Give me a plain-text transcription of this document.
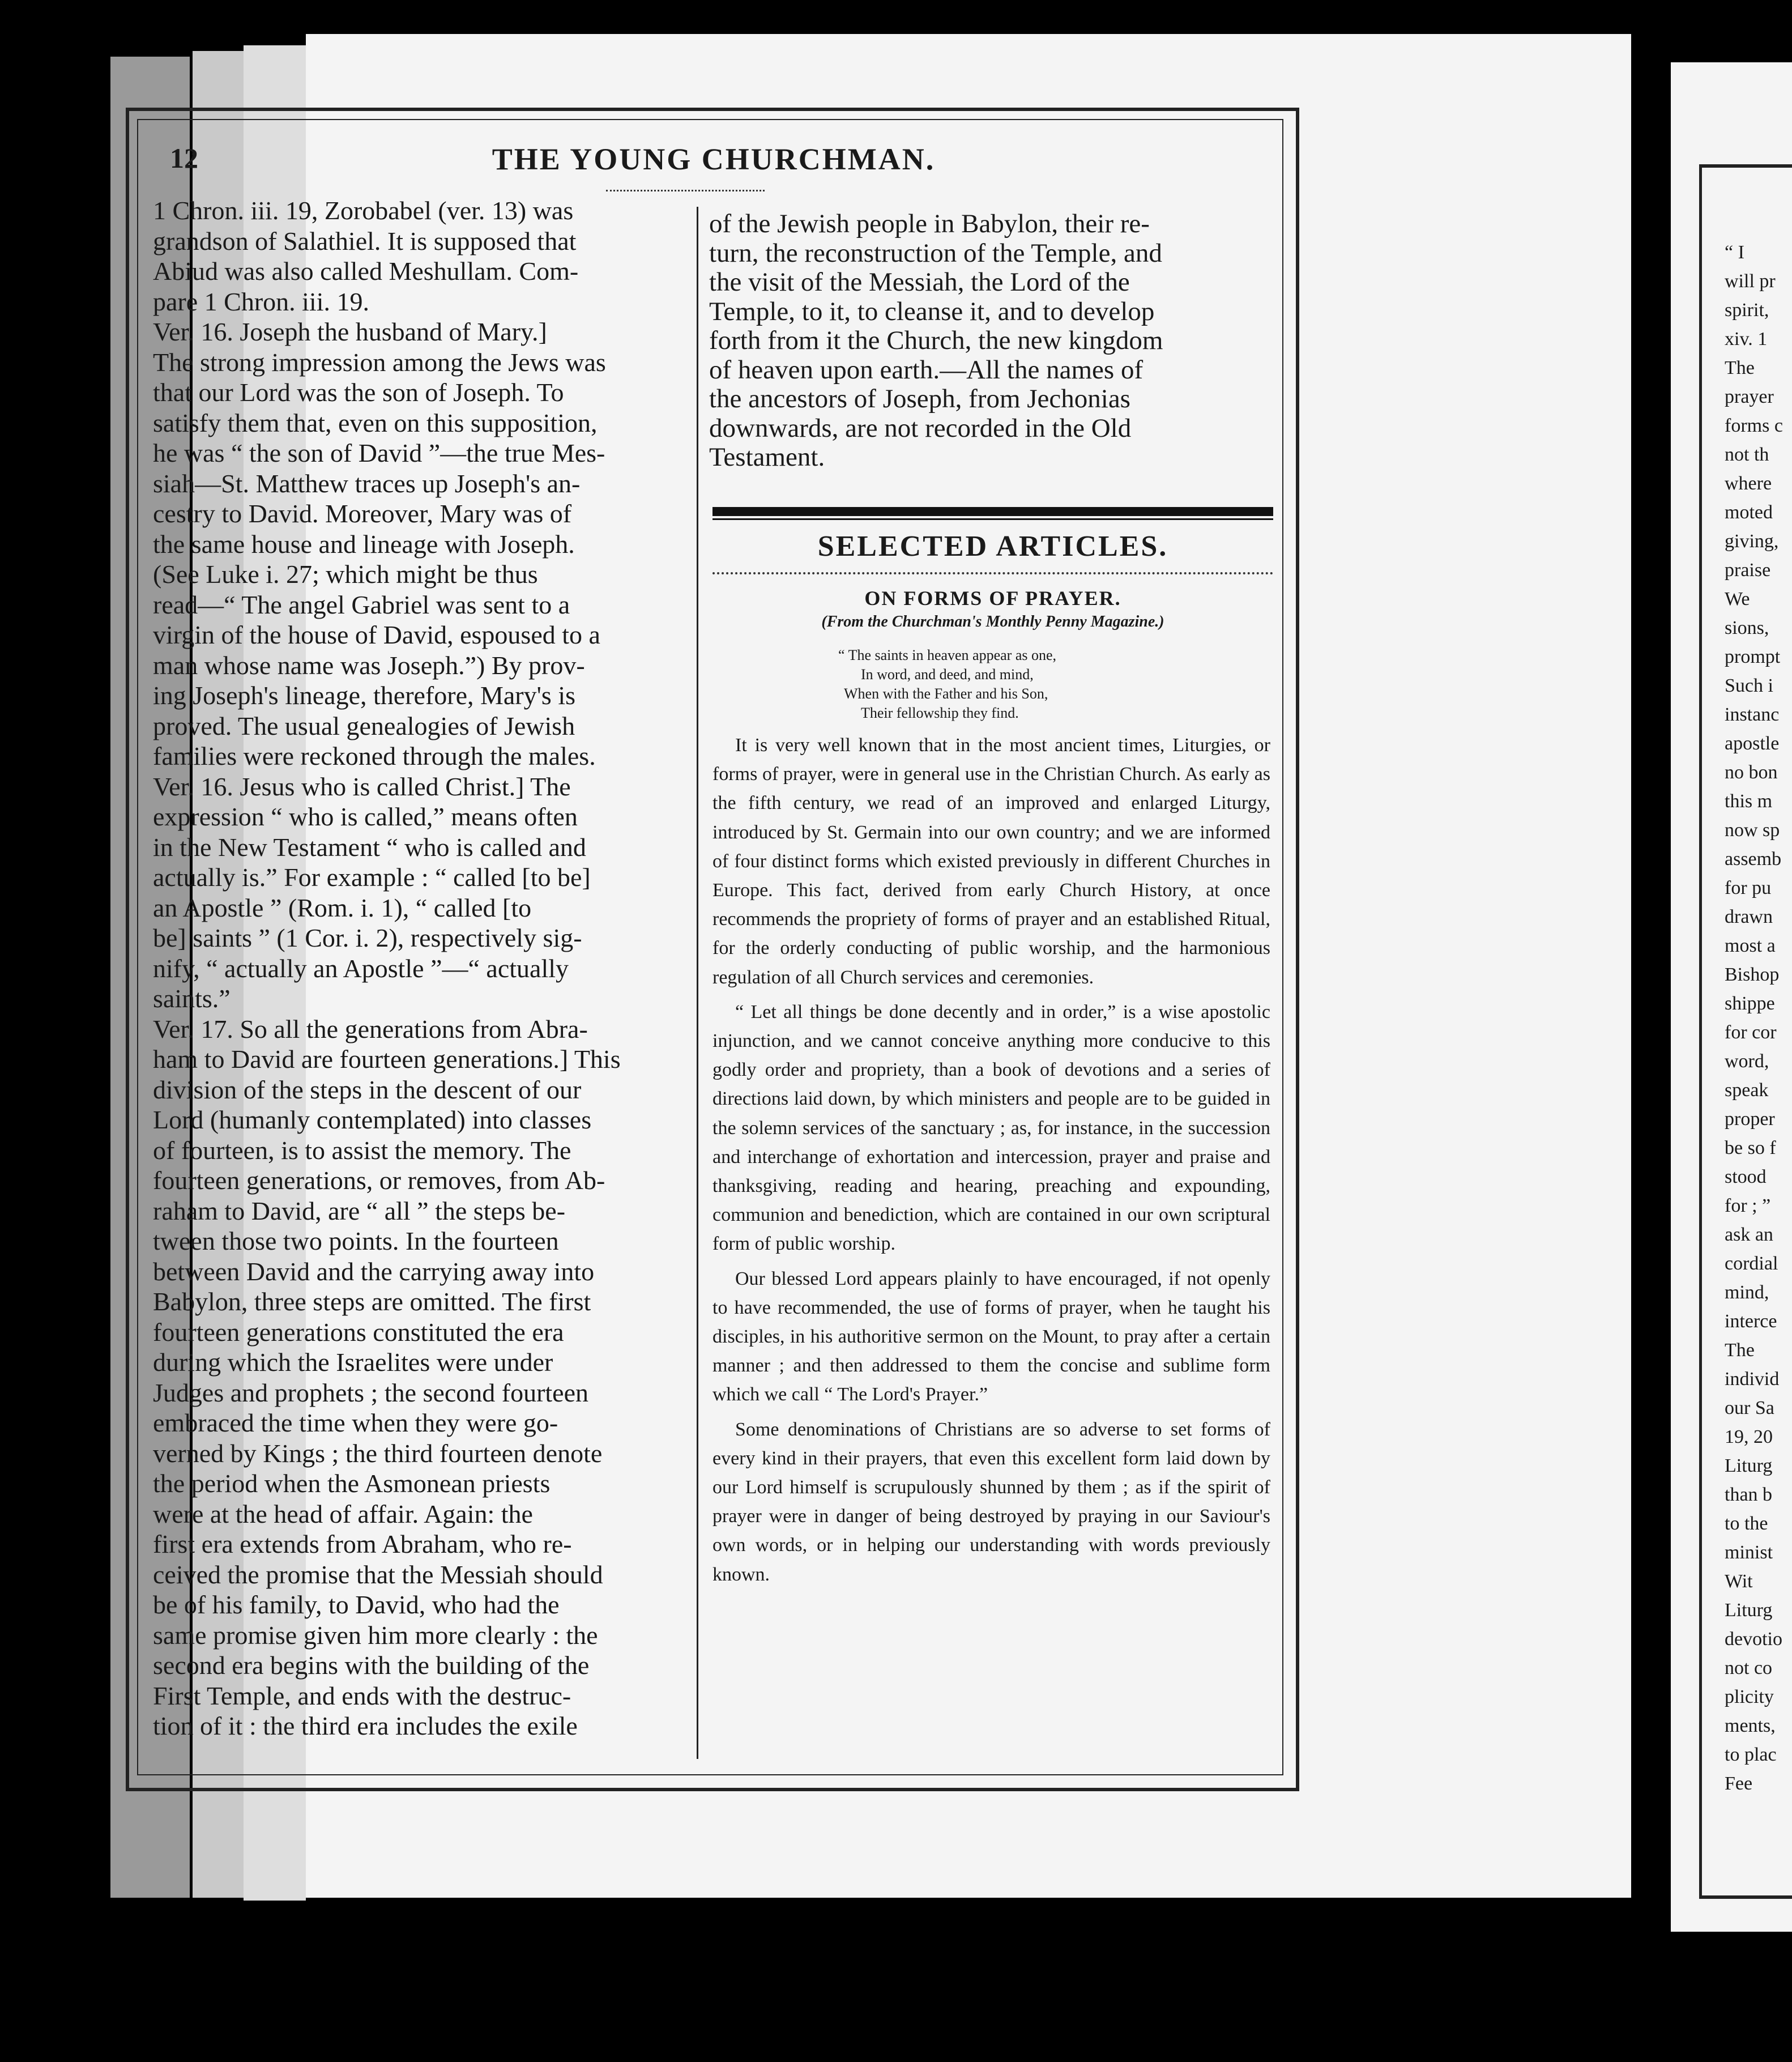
12	THE YOUNG CHURCHMAN.
1 Chron. iii. 19, Zorobabel (ver. 13) was
grandson of Salathiel. It is supposed that
Abiud was also called Meshullam. Com-
pare 1 Chron. iii. 19.
Ver. 16. Joseph the husband of Mary.]
The strong impression among the Jews was
that our Lord was the son of Joseph. To
satisfy them that, even on this supposition,
he was “ the son of David ”—the true Mes-
siah—St. Matthew traces up Joseph's an-
cestry to David. Moreover, Mary was of
the same house and lineage with Joseph.
(See Luke i. 27; which might be thus
read—“ The angel Gabriel was sent to a
virgin of the house of David, espoused to a
man whose name was Joseph.”) By prov-
ing Joseph's lineage, therefore, Mary's is
proved. The usual genealogies of Jewish
families were reckoned through the males.
Ver. 16. Jesus who is called Christ.] The
expression “ who is called,” means often
in the New Testament “ who is called and
actually is.” For example : “ called [to be]
an Apostle ” (Rom. i. 1), “ called [to
be] saints ” (1 Cor. i. 2), respectively sig-
nify, “ actually an Apostle ”—“ actually
saints.”
Ver. 17. So all the generations from Abra-
ham to David are fourteen generations.] This
division of the steps in the descent of our
Lord (humanly contemplated) into classes
of fourteen, is to assist the memory. The
fourteen generations, or removes, from Ab-
raham to David, are “ all ” the steps be-
tween those two points. In the fourteen
between David and the carrying away into
Babylon, three steps are omitted. The first
fourteen generations constituted the era
during which the Israelites were under
Judges and prophets ; the second fourteen
embraced the time when they were go-
verned by Kings ; the third fourteen denote
the period when the Asmonean priests
were at the head of affair. Again: the
first era extends from Abraham, who re-
ceived the promise that the Messiah should
be of his family, to David, who had the
same promise given him more clearly : the
second era begins with the building of the
First Temple, and ends with the destruc-
tion of it : the third era includes the exile
of the Jewish people in Babylon, their re-
turn, the reconstruction of the Temple, and
the visit of the Messiah, the Lord of the
Temple, to it, to cleanse it, and to develop
forth from it the Church, the new kingdom
of heaven upon earth.—All the names of
the ancestors of Joseph, from Jechonias
downwards, are not recorded in the Old
Testament.
SELECTED ARTICLES.
ON FORMS OF PRAYER.
(From the Churchman's Monthly Penny Magazine.)
“ The saints in heaven appear as one,
In word, and deed, and mind,
When with the Father and his Son,
Their fellowship they find.

It is very well known that in the most ancient times, Liturgies, or forms of prayer, were in general use in the Christian Church. As early as the fifth century, we read of an improved and enlarged Liturgy, introduced by St. Germain into our own country; and we are informed of four distinct forms which existed previously in different Churches in Europe. This fact, derived from early Church History, at once recommends the propriety of forms of prayer and an established Ritual, for the orderly conducting of public worship, and the harmonious regulation of all Church services and ceremonies.

“ Let all things be done decently and in order,” is a wise apostolic injunction, and we cannot conceive anything more conducive to this godly order and propriety, than a book of devotions and a series of directions laid down, by which ministers and people are to be guided in the solemn services of the sanctuary ; as, for instance, in the succession and interchange of exhortation and intercession, prayer and praise and thanksgiving, reading and hearing, preaching and expounding, communion and benediction, which are contained in our own scriptural form of public worship.

Our blessed Lord appears plainly to have encouraged, if not openly to have recommended, the use of forms of prayer, when he taught his disciples, in his authoritive sermon on the Mount, to pray after a certain manner ; and then addressed to them the concise and sublime form which we call “ The Lord's Prayer.”

Some denominations of Christians are so adverse to set forms of every kind in their prayers, that even this excellent form laid down by our Lord himself is scrupulously shunned by them ; as if the spirit of prayer were in danger of being destroyed by praying in our Saviour's own words, or in helping our understanding with words previously known.

“ I
will pr
spirit,
xiv. 1
The
prayer
forms c
not th
where
moted
giving,
praise
We
sions,
prompt
Such i
instanc
apostle
no bon
this m
now sp
assemb
for pu
drawn
most a
Bishop
shippe
for cor
word,
speak
proper
be so f
stood
for ; ”
ask an
cordial
mind,
interce
The
individ
our Sa
19, 20
Liturg
than b
to the
minist
Wit
Liturg
devotio
not co
plicity
ments,
to plac
Fee
